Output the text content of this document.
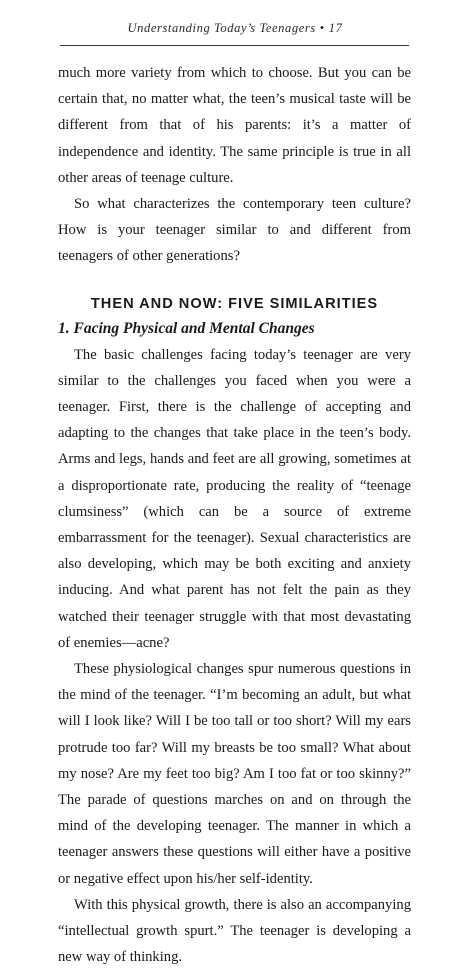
Understanding Today’s Teenagers • 17

much more variety from which to choose. But you can be certain that, no matter what, the teen’s musical taste will be different from that of his parents: it’s a matter of independence and identity. The same principle is true in all other areas of teenage culture.

So what characterizes the contemporary teen culture? How is your teenager similar to and different from teenagers of other generations?

THEN AND NOW: FIVE SIMILARITIES

1. Facing Physical and Mental Changes

The basic challenges facing today’s teenager are very similar to the challenges you faced when you were a teenager. First, there is the challenge of accepting and adapting to the changes that take place in the teen’s body. Arms and legs, hands and feet are all growing, sometimes at a disproportionate rate, producing the reality of “teenage clumsiness” (which can be a source of extreme embarrassment for the teenager). Sexual characteristics are also developing, which may be both exciting and anxiety inducing. And what parent has not felt the pain as they watched their teenager struggle with that most devastating of enemies—acne?

These physiological changes spur numerous questions in the mind of the teenager. “I’m becoming an adult, but what will I look like? Will I be too tall or too short? Will my ears protrude too far? Will my breasts be too small? What about my nose? Are my feet too big? Am I too fat or too skinny?” The parade of questions marches on and on through the mind of the developing teenager. The manner in which a teenager answers these questions will either have a positive or negative effect upon his/her self-identity.

With this physical growth, there is also an accompanying “intellectual growth spurt.” The teenager is developing a new way of thinking.
